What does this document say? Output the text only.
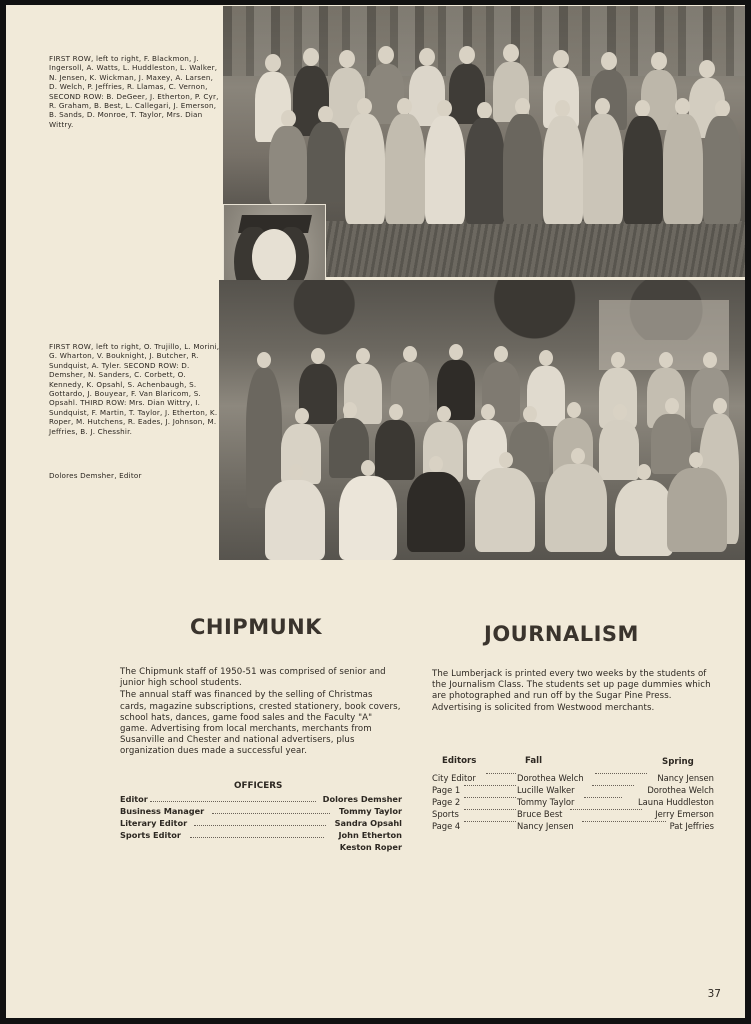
FIRST ROW, left to right, F. Blackmon, J. Ingersoll, A. Watts, L. Huddleston, L. Walker, N. Jensen, K. Wickman, J. Maxey, A. Larsen, D. Welch, P. Jeffries, R. Llamas, C. Vernon, SECOND ROW: B. DeGeer, J. Etherton, P. Cyr, R. Graham, B. Best, L. Callegari, J. Emerson, B. Sands, D. Monroe, T. Taylor, Mrs. Dian Wittry.
FIRST ROW, left to right, O. Trujillo, L. Morini, G. Wharton, V. Bouknight, J. Butcher, R. Sundquist, A. Tyler. SECOND ROW: D. Demsher, N. Sanders, C. Corbett, O. Kennedy, K. Opsahl, S. Achenbaugh, S. Gottardo, J. Bouyear, F. Van Blaricom, S. Opsahl. THIRD ROW: Mrs. Dian Wittry, I. Sundquist, F. Martin, T. Taylor, J. Etherton, K. Roper, M. Hutchens, R. Eades, J. Johnson, M. Jeffries, B. J. Chesshir.
Dolores Demsher, Editor
CHIPMUNK

The Chipmunk staff of 1950-51 was comprised of senior and junior high school students.

The annual staff was financed by the selling of Christmas cards, magazine subscriptions, crested stationery, book covers, school hats, dances, game food sales and the Faculty "A" game. Advertising from local merchants, merchants from Susanville and Chester and national advertisers, plus organization dues made a successful year.

OFFICERS
Editor	Dolores Demsher
Business Manager	Tommy Taylor
Literary Editor	Sandra Opsahl
Sports Editor	John Etherton
Keston Roper
JOURNALISM
The Lumberjack is printed every two weeks by the students of the Journalism Class. The students set up page dummies which are photographed and run off by the Sugar Pine Press. Advertising is solicited from Westwood merchants.
Editors	Fall	Spring
City Editor	Dorothea Welch	Nancy Jensen
Page 1	Lucille Walker	Dorothea Welch
Page 2	Tommy Taylor	Launa Huddleston
Sports	Bruce Best	Jerry Emerson
Page 4	Nancy Jensen	Pat Jeffries
37
